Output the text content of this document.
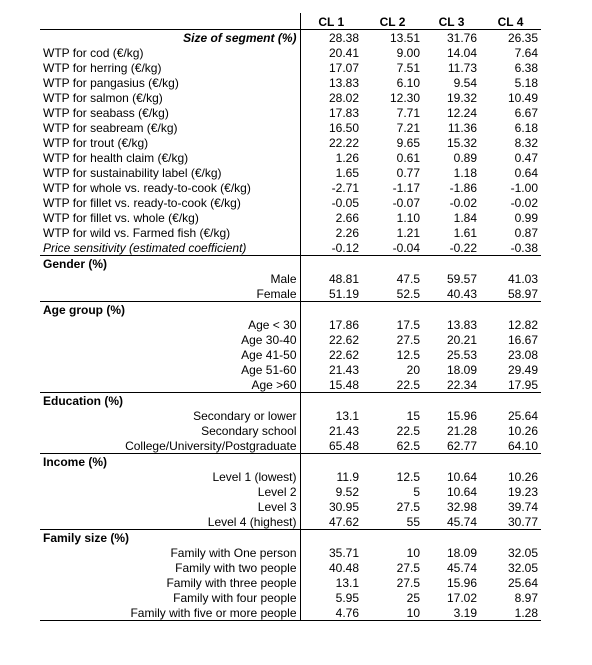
	CL 1	CL 2	CL 3	CL 4
Size of segment (%)	28.38	13.51	31.76	26.35
WTP for cod (€/kg)	20.41	9.00	14.04	7.64
WTP for herring (€/kg)	17.07	7.51	11.73	6.38
WTP for pangasius (€/kg)	13.83	6.10	9.54	5.18
WTP for salmon (€/kg)	28.02	12.30	19.32	10.49
WTP for seabass (€/kg)	17.83	7.71	12.24	6.67
WTP for seabream (€/kg)	16.50	7.21	11.36	6.18
WTP for trout (€/kg)	22.22	9.65	15.32	8.32
WTP for health claim (€/kg)	1.26	0.61	0.89	0.47
WTP for sustainability label (€/kg)	1.65	0.77	1.18	0.64
WTP for whole vs. ready-to-cook (€/kg)	-2.71	-1.17	-1.86	-1.00
WTP for fillet vs. ready-to-cook (€/kg)	-0.05	-0.07	-0.02	-0.02
WTP for fillet vs. whole (€/kg)	2.66	1.10	1.84	0.99
WTP for wild vs. Farmed fish (€/kg)	2.26	1.21	1.61	0.87
Price sensitivity (estimated coefficient)	-0.12	-0.04	-0.22	-0.38
Gender (%)				
Male	48.81	47.5	59.57	41.03
Female	51.19	52.5	40.43	58.97
Age group (%)				
Age < 30	17.86	17.5	13.83	12.82
Age 30-40	22.62	27.5	20.21	16.67
Age 41-50	22.62	12.5	25.53	23.08
Age 51-60	21.43	20	18.09	29.49
Age >60	15.48	22.5	22.34	17.95
Education (%)				
Secondary or lower	13.1	15	15.96	25.64
Secondary school	21.43	22.5	21.28	10.26
College/University/Postgraduate	65.48	62.5	62.77	64.10
Income (%)				
Level 1 (lowest)	11.9	12.5	10.64	10.26
Level 2	9.52	5	10.64	19.23
Level 3	30.95	27.5	32.98	39.74
Level 4 (highest)	47.62	55	45.74	30.77
Family size (%)				
Family with One person	35.71	10	18.09	32.05
Family with two people	40.48	27.5	45.74	32.05
Family with three people	13.1	27.5	15.96	25.64
Family with four people	5.95	25	17.02	8.97
Family with five or more people	4.76	10	3.19	1.28
